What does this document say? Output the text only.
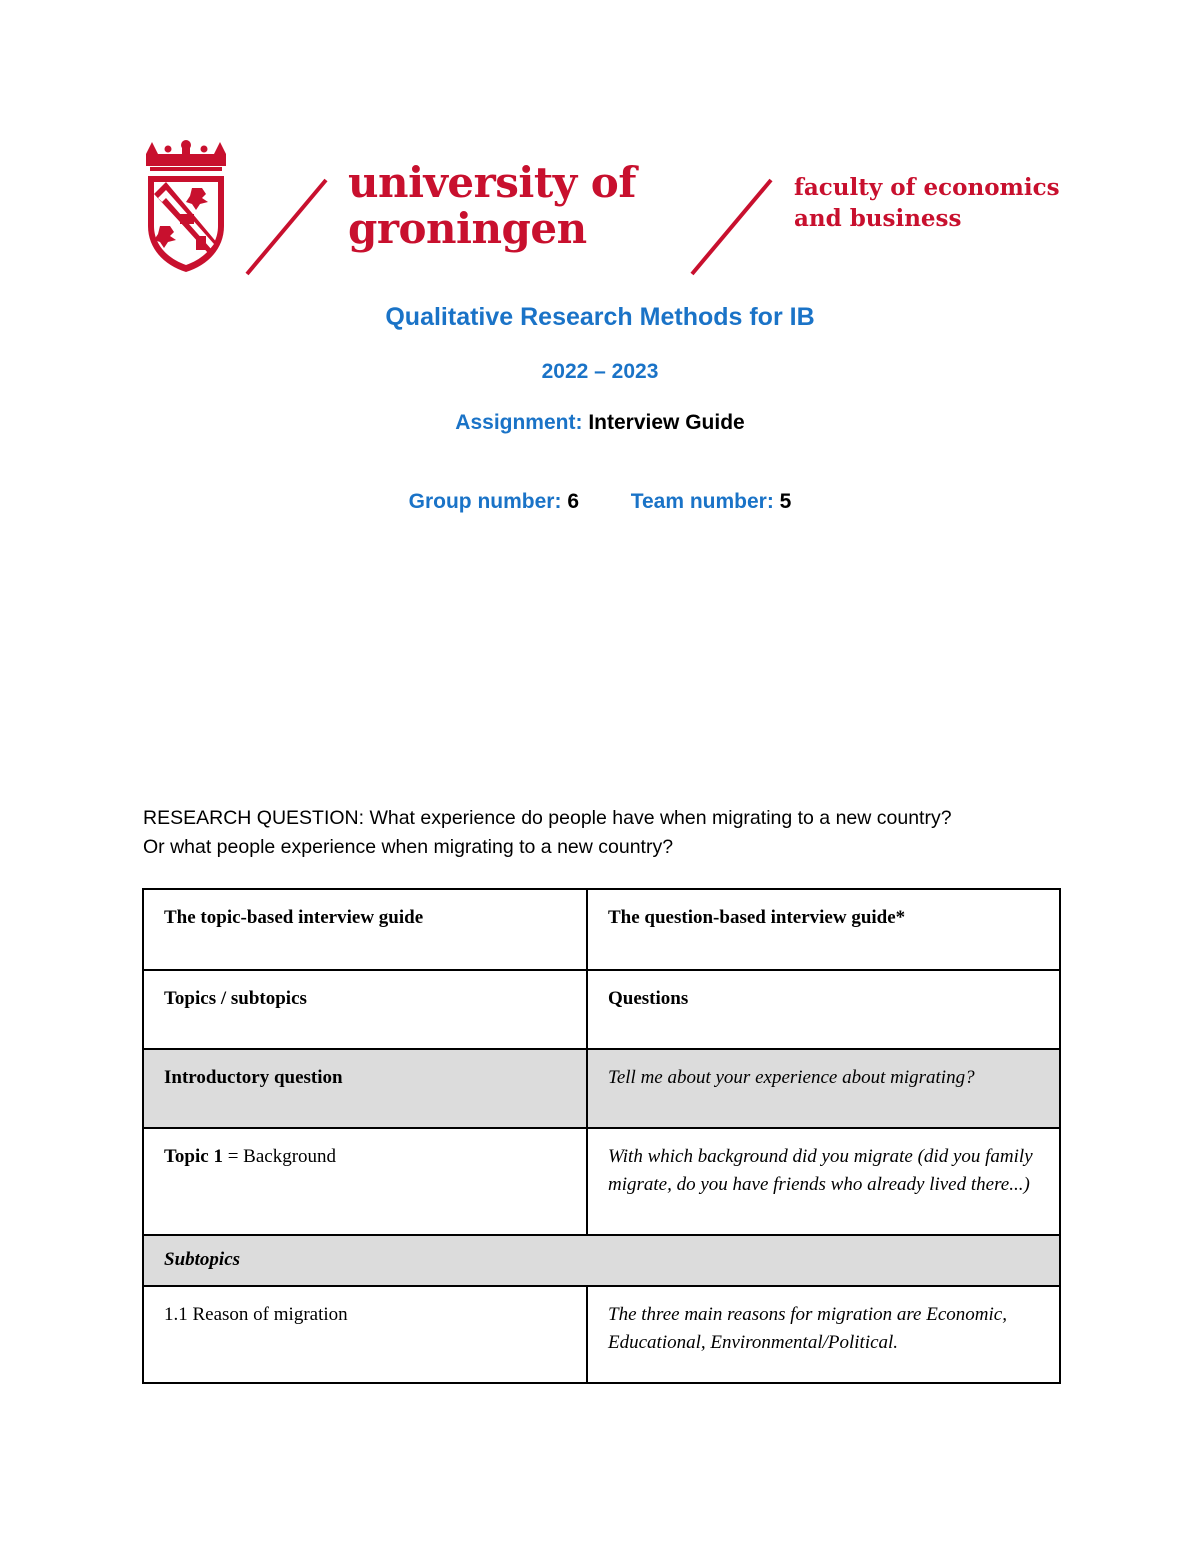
university of
groningen
faculty of economics
and business
Qualitative Research Methods for IB
2022 – 2023
Assignment: Interview Guide
Group number: 6 Team number: 5
RESEARCH QUESTION: What experience do people have when migrating to a new country?
Or what people experience when migrating to a new country?
The topic-based interview guide	The question-based interview guide*
Topics / subtopics	Questions
Introductory question	Tell me about your experience about migrating?
Topic 1 = Background	With which background did you migrate (did you family migrate, do you have friends who already lived there...)
Subtopics	
1.1 Reason of migration	The three main reasons for migration are Economic, Educational, Environmental/Political.
